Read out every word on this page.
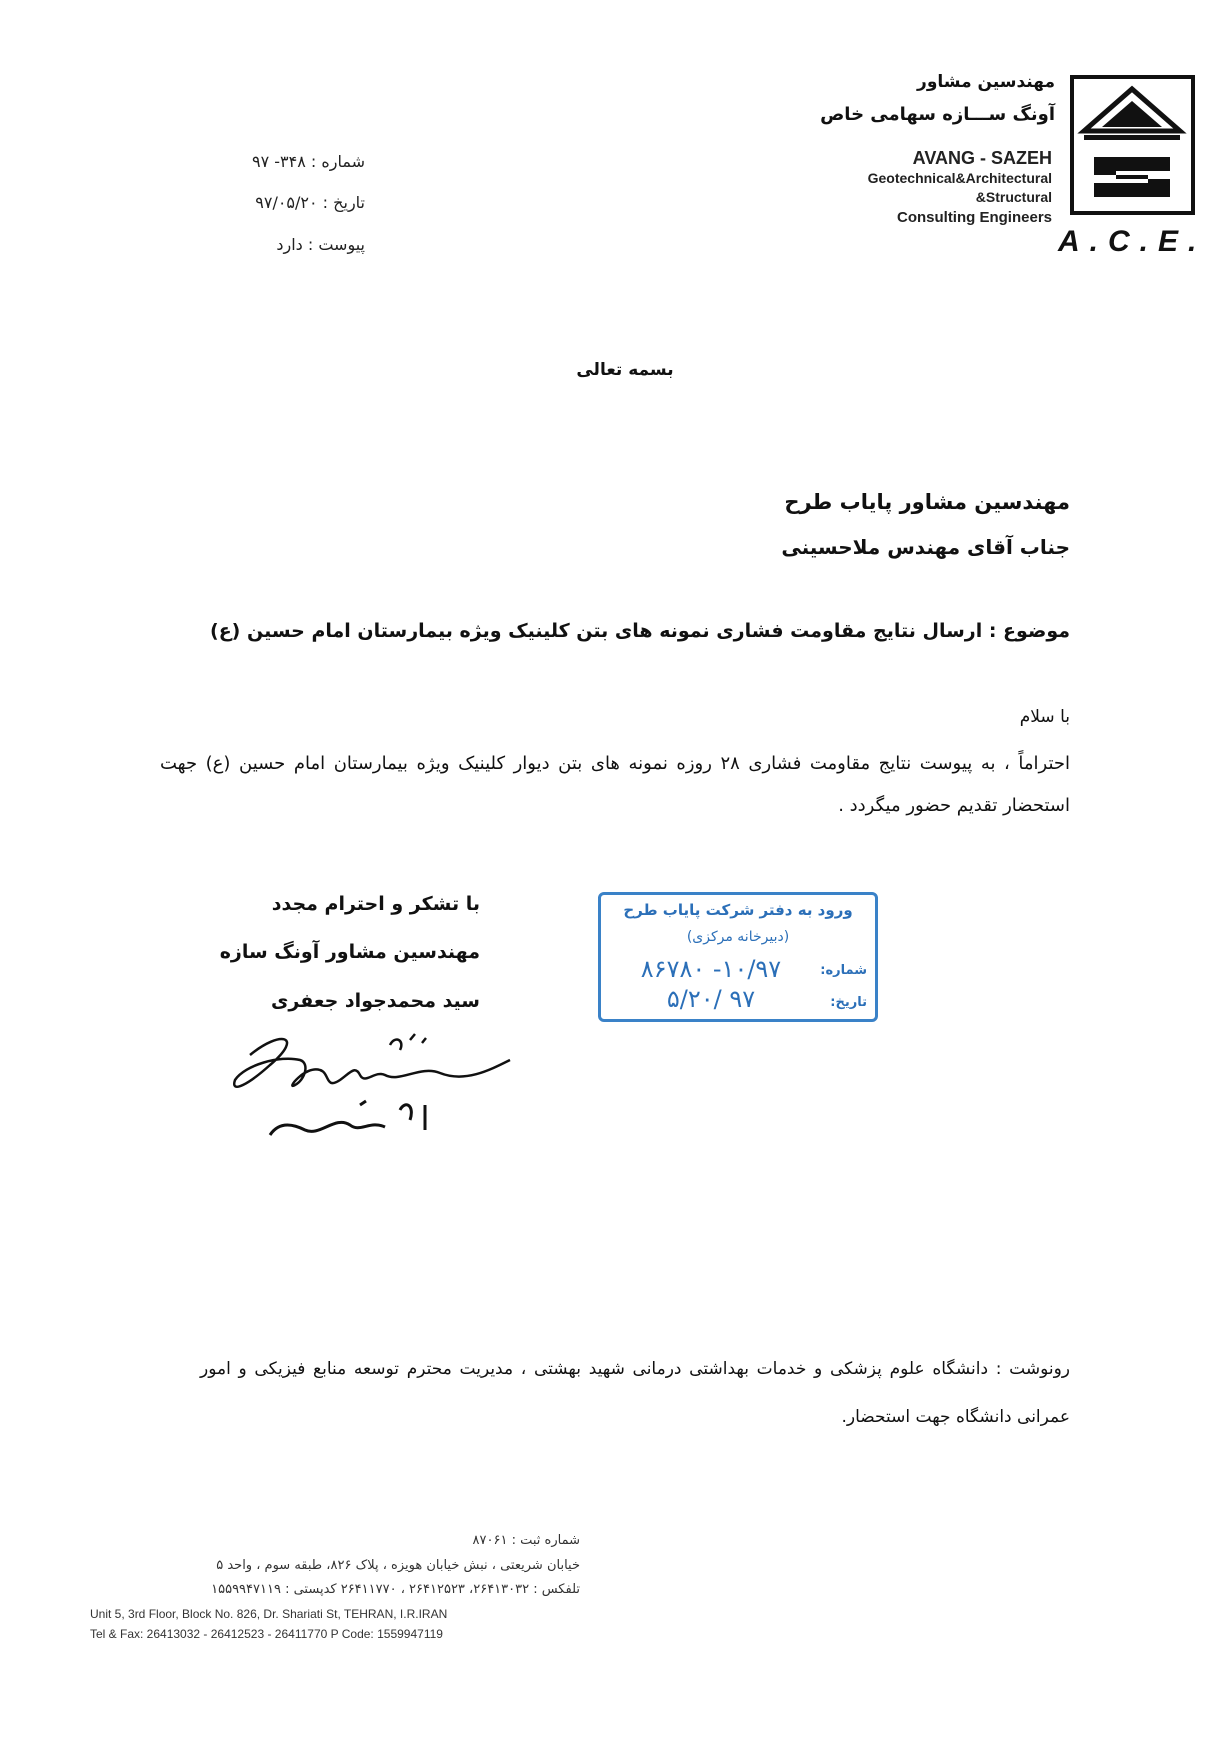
A.C.E.
مهندسین مشاور
آونگ ســـازه سهامی خاص
AVANG - SAZEH
Geotechnical&Architectural
&Structural
Consulting Engineers
شماره : ۳۴۸- ۹۷
تاریخ : ۹۷/۰۵/۲۰
پیوست : دارد
بسمه تعالی
مهندسین مشاور پایاب طرح
جناب آقای مهندس ملاحسینی
موضوع : ارسال نتایج مقاومت فشاری نمونه های بتن کلینیک ویژه بیمارستان امام حسین (ع)
با سلام
احتراماً ، به پیوست نتایج مقاومت فشاری ۲۸ روزه نمونه های بتن دیوار کلینیک ویژه بیمارستان امام حسین (ع) جهت استحضار تقدیم حضور میگردد .
با تشکر و احترام مجدد
مهندسین مشاور آونگ سازه
سید محمدجواد جعفری
ورود به دفتر شرکت پایاب طرح
(دبیرخانه مرکزی)
شماره:
۱۰/۹۷- ۸۶۷۸۰
تاریخ:
۹۷ /۵/۲۰
رونوشت : دانشگاه علوم پزشکی و خدمات بهداشتی درمانی شهید بهشتی ، مدیریت محترم توسعه منابع فیزیکی و امور عمرانی دانشگاه جهت استحضار.
شماره ثبت : ۸۷۰۶۱
خیابان شریعتی ، نبش خیابان هویزه ، پلاک ۸۲۶، طبقه سوم ، واحد ۵
تلفکس : ۲۶۴۱۳۰۳۲، ۲۶۴۱۲۵۲۳ ، ۲۶۴۱۱۷۷۰ کدپستی : ۱۵۵۹۹۴۷۱۱۹
Unit 5, 3rd Floor, Block No. 826, Dr. Shariati St, TEHRAN, I.R.IRAN
Tel & Fax: 26413032 - 26412523 - 26411770 P Code: 1559947119
